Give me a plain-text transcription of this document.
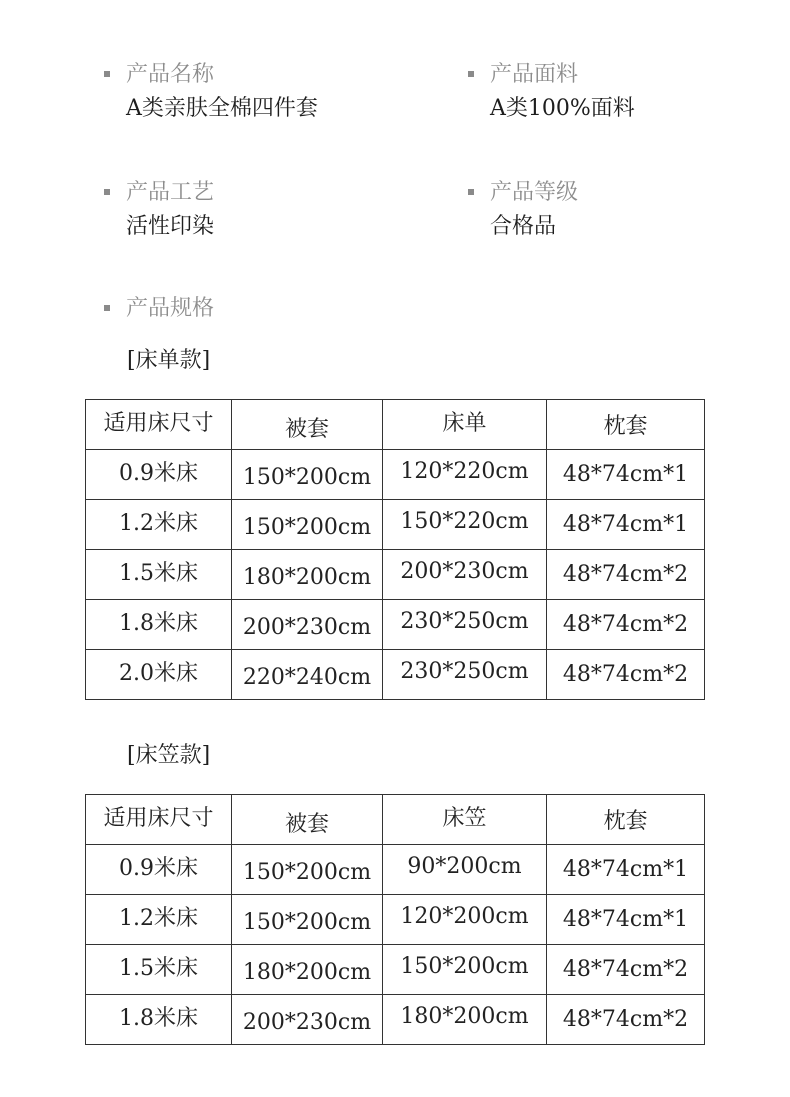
产品名称
A类亲肤全棉四件套
产品面料
A类100%面料
产品工艺
活性印染
产品等级
合格品
产品规格
[床单款]
适用床尺寸	被套	床单	枕套
0.9米床	150*200cm	120*220cm	48*74cm*1
1.2米床	150*200cm	150*220cm	48*74cm*1
1.5米床	180*200cm	200*230cm	48*74cm*2
1.8米床	200*230cm	230*250cm	48*74cm*2
2.0米床	220*240cm	230*250cm	48*74cm*2
[床笠款]
适用床尺寸	被套	床笠	枕套
0.9米床	150*200cm	90*200cm	48*74cm*1
1.2米床	150*200cm	120*200cm	48*74cm*1
1.5米床	180*200cm	150*200cm	48*74cm*2
1.8米床	200*230cm	180*200cm	48*74cm*2
